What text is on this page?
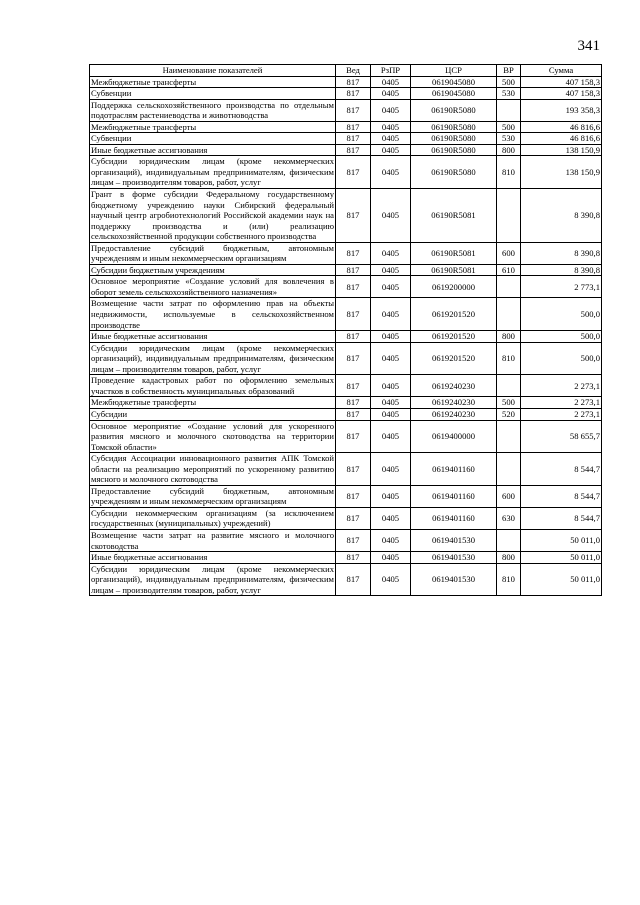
341
Наименование показателей	Вед	РзПР	ЦСР	ВР	Сумма
Межбюджетные трансферты	817	0405	0619045080	500	407 158,3
Субвенции	817	0405	0619045080	530	407 158,3
Поддержка сельскохозяйственного производства по отдельным подотраслям растениеводства и животноводства	817	0405	06190R5080		193 358,3
Межбюджетные трансферты	817	0405	06190R5080	500	46 816,6
Субвенции	817	0405	06190R5080	530	46 816,6
Иные бюджетные ассигнования	817	0405	06190R5080	800	138 150,9
Субсидии юридическим лицам (кроме некоммерческих организаций), индивидуальным предпринимателям, физическим лицам – производителям товаров, работ, услуг	817	0405	06190R5080	810	138 150,9
Грант в форме субсидии Федеральному государственному бюджетному учреждению науки Сибирский федеральный научный центр агробиотехнологий Российской академии наук на поддержку производства и (или) реализацию сельскохозяйственной продукции собственного производства	817	0405	06190R5081		8 390,8
Предоставление субсидий бюджетным, автономным учреждениям и иным некоммерческим организациям	817	0405	06190R5081	600	8 390,8
Субсидии бюджетным учреждениям	817	0405	06190R5081	610	8 390,8
Основное мероприятие «Создание условий для вовлечения в оборот земель сельскохозяйственного назначения»	817	0405	0619200000		2 773,1
Возмещение части затрат по оформлению прав на объекты недвижимости, используемые в сельскохозяйственном производстве	817	0405	0619201520		500,0
Иные бюджетные ассигнования	817	0405	0619201520	800	500,0
Субсидии юридическим лицам (кроме некоммерческих организаций), индивидуальным предпринимателям, физическим лицам – производителям товаров, работ, услуг	817	0405	0619201520	810	500,0
Проведение кадастровых работ по оформлению земельных участков в собственность муниципальных образований	817	0405	0619240230		2 273,1
Межбюджетные трансферты	817	0405	0619240230	500	2 273,1
Субсидии	817	0405	0619240230	520	2 273,1
Основное мероприятие «Создание условий для ускоренного развития мясного и молочного скотоводства на территории Томской области»	817	0405	0619400000		58 655,7
Субсидия Ассоциации инновационного развития АПК Томской области на реализацию мероприятий по ускоренному развитию мясного и молочного скотоводства	817	0405	0619401160		8 544,7
Предоставление субсидий бюджетным, автономным учреждениям и иным некоммерческим организациям	817	0405	0619401160	600	8 544,7
Субсидии некоммерческим организациям (за исключением государственных (муниципальных) учреждений)	817	0405	0619401160	630	8 544,7
Возмещение части затрат на развитие мясного и молочного скотоводства	817	0405	0619401530		50 011,0
Иные бюджетные ассигнования	817	0405	0619401530	800	50 011,0
Субсидии юридическим лицам (кроме некоммерческих организаций), индивидуальным предпринимателям, физическим лицам – производителям товаров, работ, услуг	817	0405	0619401530	810	50 011,0
